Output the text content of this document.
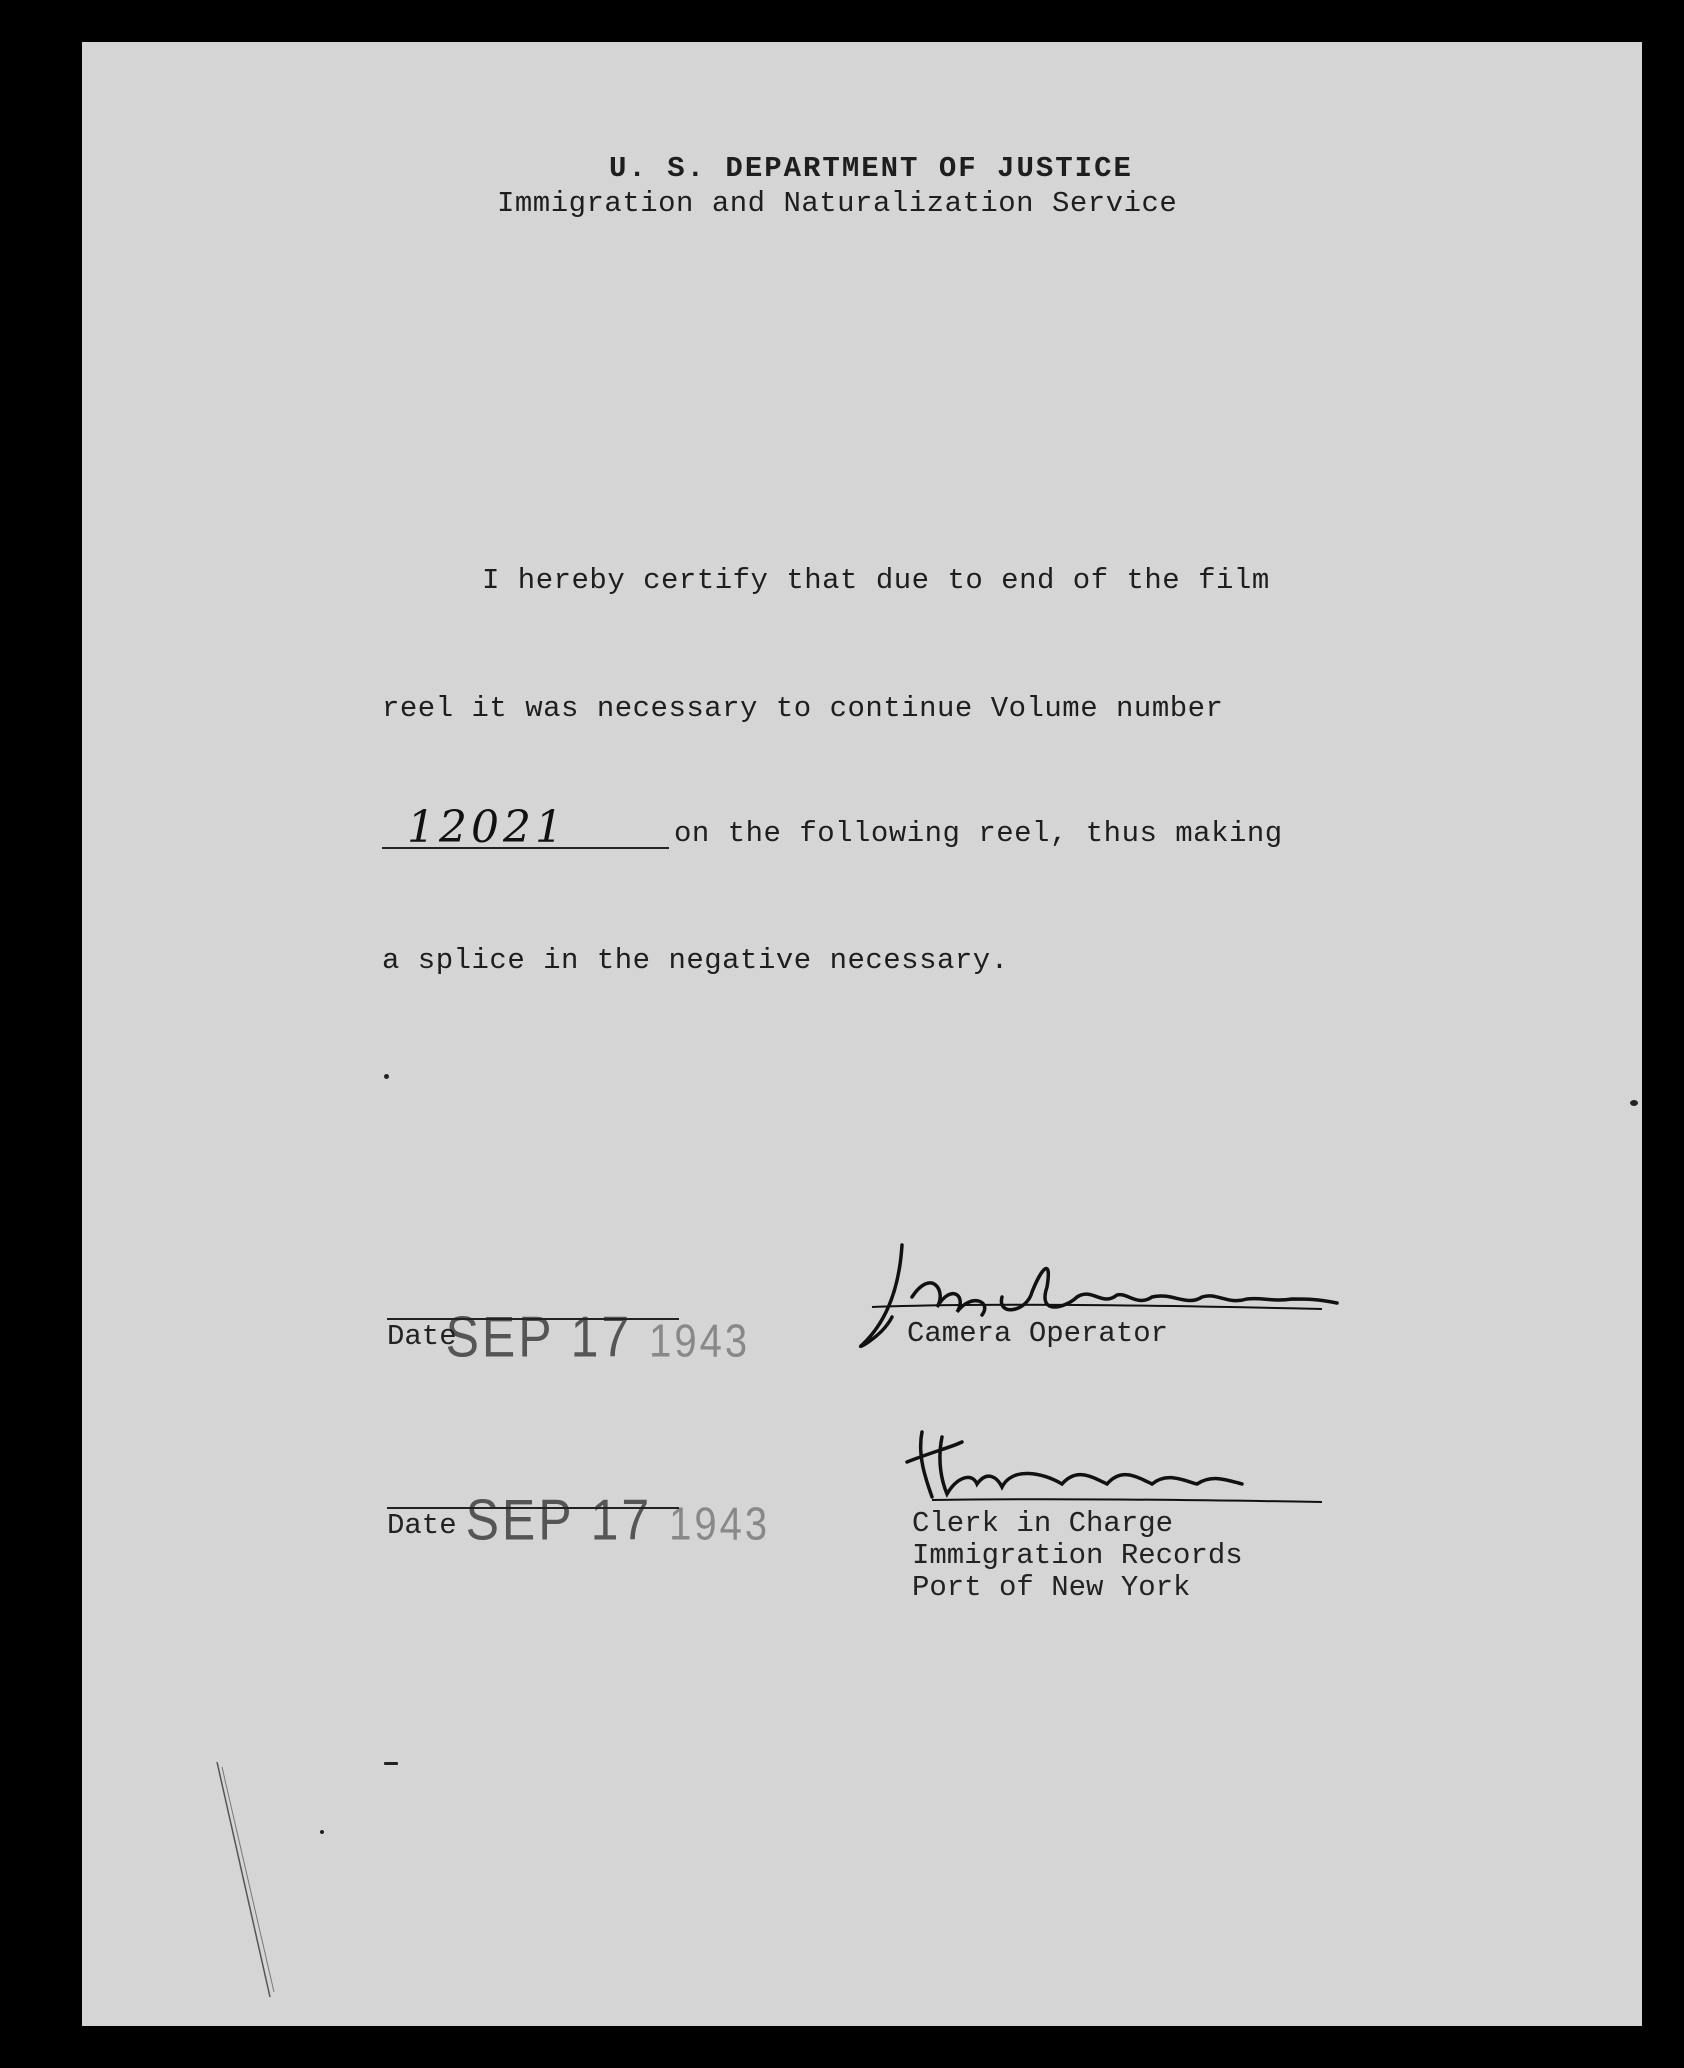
U. S. DEPARTMENT OF JUSTICE
Immigration and Naturalization Service
I hereby certify that due to end of the film
reel it was necessary to continue Volume number
12021	on the following reel, thus making
a splice in the negative necessary.

SEP 17 1943

Date	Camera Operator

SEP 17 1943

Date	Clerk in Charge
Immigration Records
Port of New York
